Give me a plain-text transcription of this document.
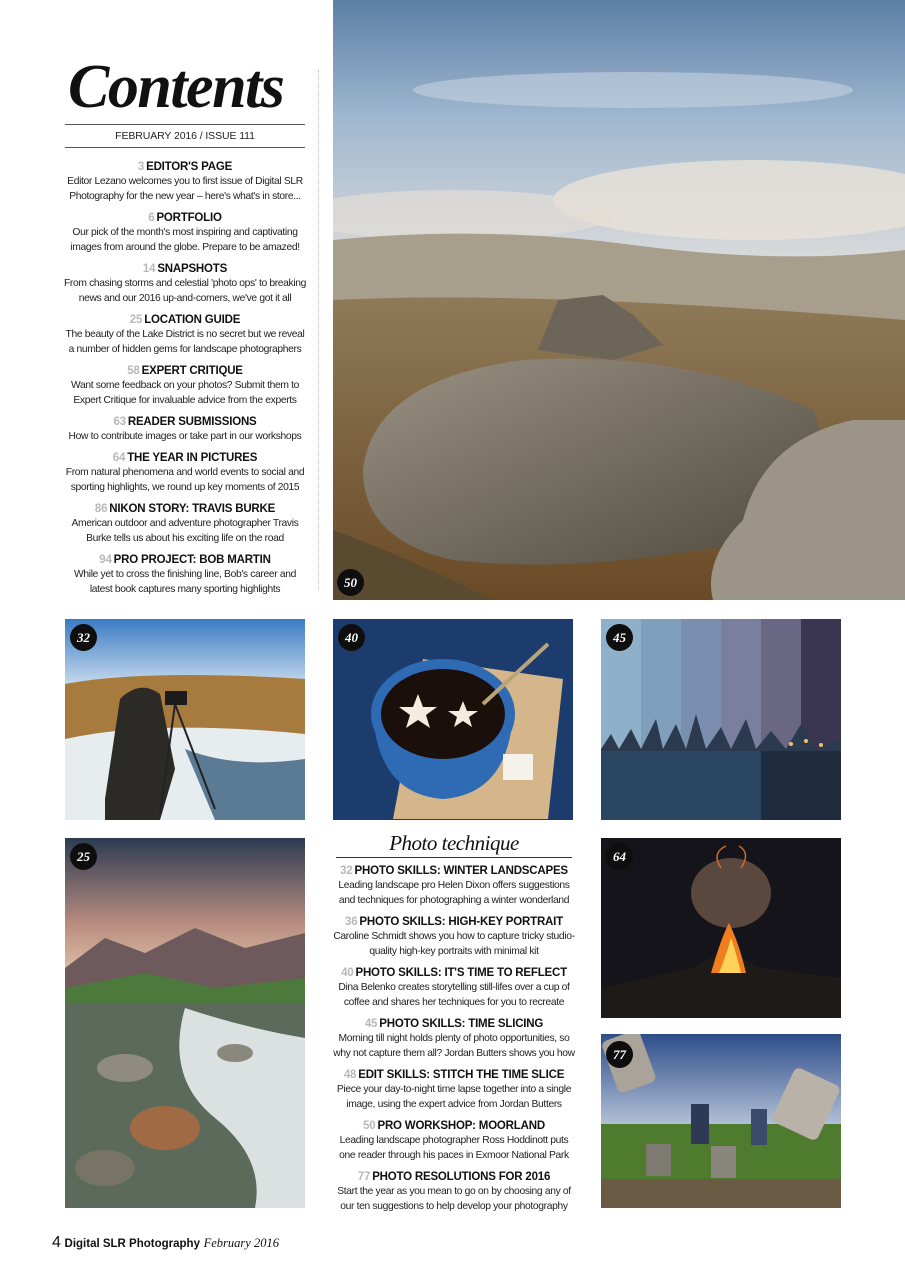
Contents
FEBRUARY 2016 / ISSUE 111
3 EDITOR'S PAGE
Editor Lezano welcomes you to first issue of Digital SLR Photography for the new year – here's what's in store...
6 PORTFOLIO
Our pick of the month's most inspiring and captivating images from around the globe. Prepare to be amazed!
14 SNAPSHOTS
From chasing storms and celestial 'photo ops' to breaking news and our 2016 up-and-comers, we've got it all
25 LOCATION GUIDE
The beauty of the Lake District is no secret but we reveal a number of hidden gems for landscape photographers
58 EXPERT CRITIQUE
Want some feedback on your photos? Submit them to Expert Critique for invaluable advice from the experts
63 READER SUBMISSIONS
How to contribute images or take part in our workshops
64 THE YEAR IN PICTURES
From natural phenomena and world events to social and sporting highlights, we round up key moments of 2015
86 NIKON STORY: TRAVIS BURKE
American outdoor and adventure photographer Travis Burke tells us about his exciting life on the road
94 PRO PROJECT: BOB MARTIN
While yet to cross the finishing line, Bob's career and latest book captures many sporting highlights	50
32	40	45
25	64
77
Photo technique
32 PHOTO SKILLS: WINTER LANDSCAPES
Leading landscape pro Helen Dixon offers suggestions and techniques for photographing a winter wonderland
36 PHOTO SKILLS: HIGH-KEY PORTRAIT
Caroline Schmidt shows you how to capture tricky studio-quality high-key portraits with minimal kit
40 PHOTO SKILLS: IT'S TIME TO REFLECT
Dina Belenko creates storytelling still-lifes over a cup of coffee and shares her techniques for you to recreate
45 PHOTO SKILLS: TIME SLICING
Morning till night holds plenty of photo opportunities, so why not capture them all? Jordan Butters shows you how
48 EDIT SKILLS: STITCH THE TIME SLICE
Piece your day-to-night time lapse together into a single image, using the expert advice from Jordan Butters
50 PRO WORKSHOP: MOORLAND
Leading landscape photographer Ross Hoddinott puts one reader through his paces in Exmoor National Park
77 PHOTO RESOLUTIONS FOR 2016
Start the year as you mean to go on by choosing any of our ten suggestions to help develop your photography
4 Digital SLR Photography February 2016
